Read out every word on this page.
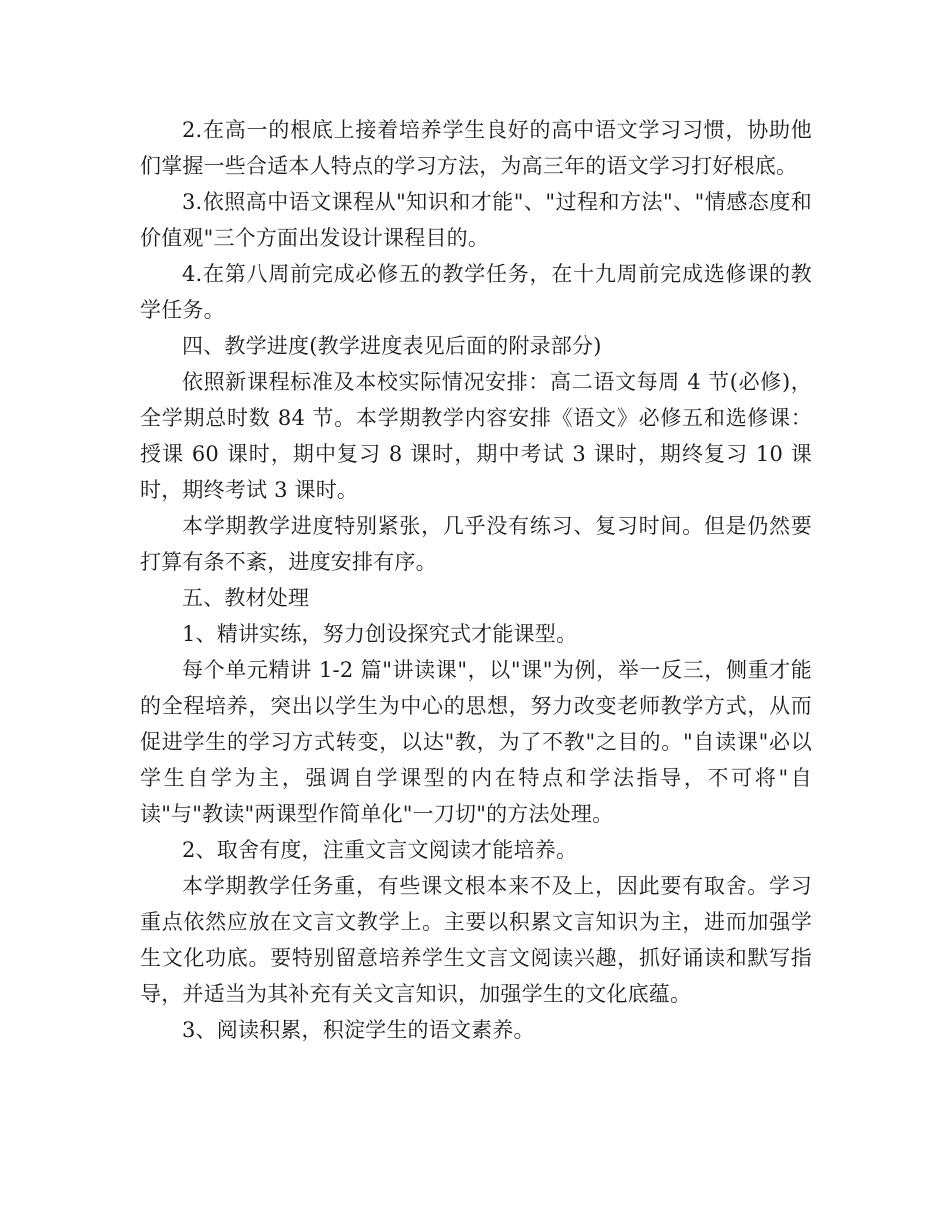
2.在高一的根底上接着培养学生良好的高中语文学习习惯，协助他们掌握一些合适本人特点的学习方法，为高三年的语文学习打好根底。

3.依照高中语文课程从"知识和才能"、"过程和方法"、"情感态度和价值观"三个方面出发设计课程目的。

4.在第八周前完成必修五的教学任务，在十九周前完成选修课的教学任务。

四、教学进度(教学进度表见后面的附录部分)

依照新课程标准及本校实际情况安排：高二语文每周 4 节(必修)，全学期总时数 84 节。本学期教学内容安排《语文》必修五和选修课：授课 60 课时，期中复习 8 课时，期中考试 3 课时，期终复习 10 课时，期终考试 3 课时。

本学期教学进度特别紧张，几乎没有练习、复习时间。但是仍然要打算有条不紊，进度安排有序。

五、教材处理

1、精讲实练，努力创设探究式才能课型。

每个单元精讲 1-2 篇"讲读课"，以"课"为例，举一反三，侧重才能的全程培养，突出以学生为中心的思想，努力改变老师教学方式，从而促进学生的学习方式转变，以达"教，为了不教"之目的。"自读课"必以学生自学为主，强调自学课型的内在特点和学法指导，不可将"自读"与"教读"两课型作简单化"一刀切"的方法处理。

2、取舍有度，注重文言文阅读才能培养。

本学期教学任务重，有些课文根本来不及上，因此要有取舍。学习重点依然应放在文言文教学上。主要以积累文言知识为主，进而加强学生文化功底。要特别留意培养学生文言文阅读兴趣，抓好诵读和默写指导，并适当为其补充有关文言知识，加强学生的文化底蕴。

3、阅读积累，积淀学生的语文素养。
